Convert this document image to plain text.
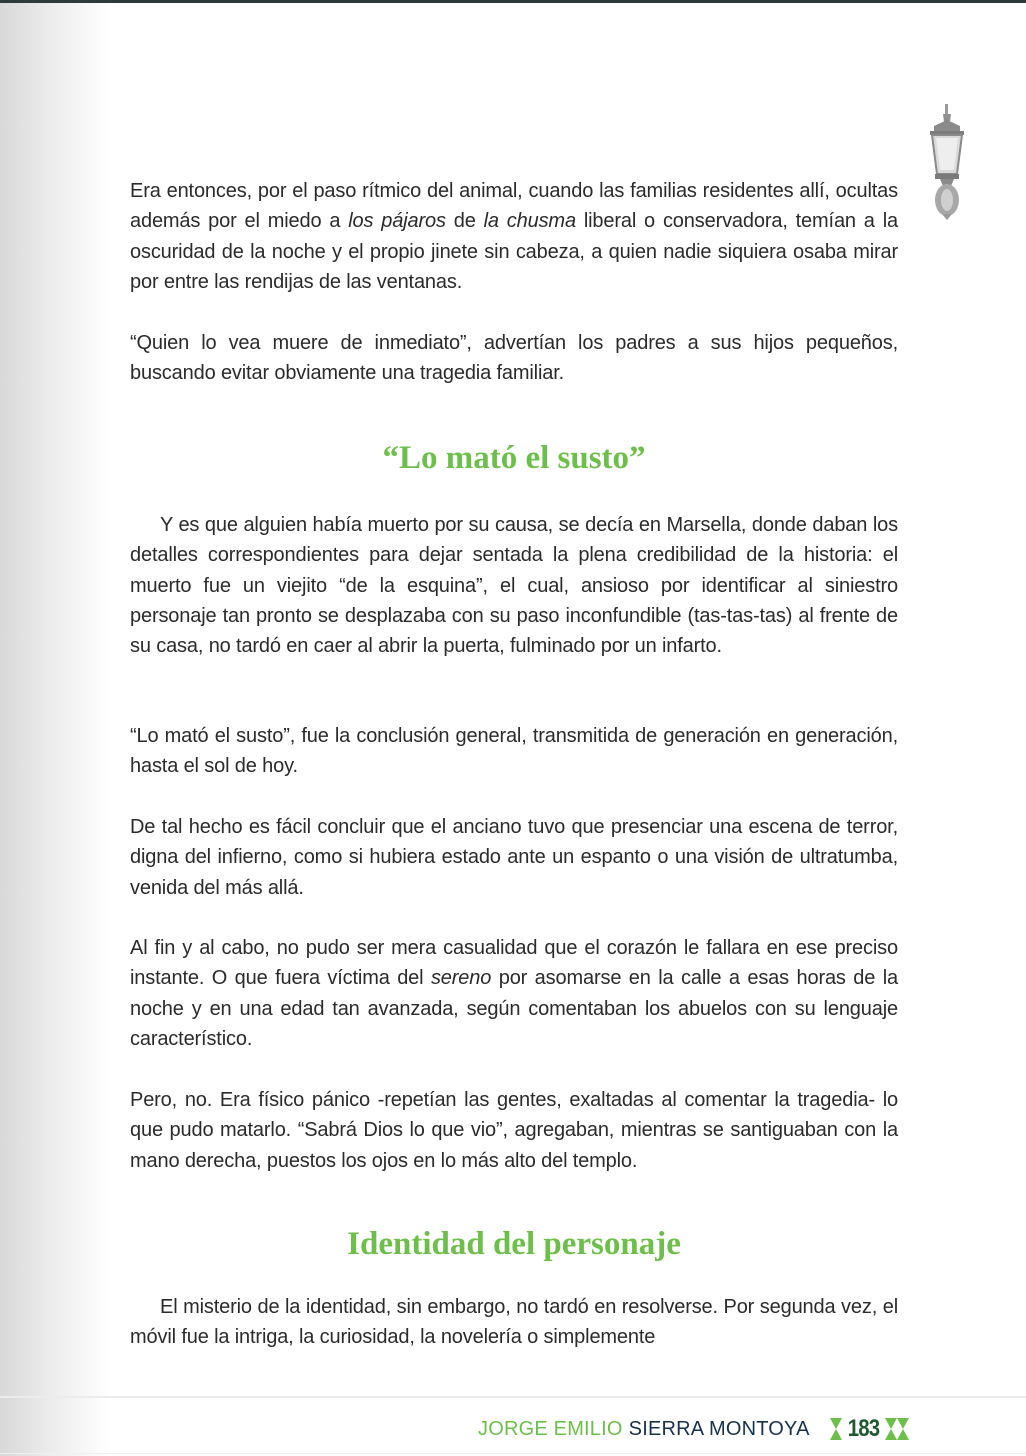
Era entonces, por el paso rítmico del animal, cuando las familias residentes allí, ocultas además por el miedo a los pájaros de la chusma liberal o conservadora, temían a la oscuridad de la noche y el propio jinete sin cabeza, a quien nadie siquiera osaba mirar por entre las rendijas de las ventanas.

“Quien lo vea muere de inmediato”, advertían los padres a sus hijos pequeños, buscando evitar obviamente una tragedia familiar.

“Lo mató el susto”

Y es que alguien había muerto por su causa, se decía en Marsella, donde daban los detalles correspondientes para dejar sentada la plena credibilidad de la historia: el muerto fue un viejito “de la esquina”, el cual, ansioso por identificar al siniestro personaje tan pronto se desplazaba con su paso inconfundible (tas-tas-tas) al frente de su casa, no tardó en caer al abrir la puerta, fulminado por un infarto.

“Lo mató el susto”, fue la conclusión general, transmitida de generación en generación, hasta el sol de hoy.

De tal hecho es fácil concluir que el anciano tuvo que presenciar una escena de terror, digna del infierno, como si hubiera estado ante un espanto o una visión de ultratumba, venida del más allá.

Al fin y al cabo, no pudo ser mera casualidad que el corazón le fallara en ese preciso instante. O que fuera víctima del sereno por asomarse en la calle a esas horas de la noche y en una edad tan avanzada, según comentaban los abuelos con su lenguaje característico.

Pero, no. Era físico pánico -repetían las gentes, exaltadas al comentar la tragedia- lo que pudo matarlo. “Sabrá Dios lo que vio”, agregaban, mientras se santiguaban con la mano derecha, puestos los ojos en lo más alto del templo.

Identidad del personaje

El misterio de la identidad, sin embargo, no tardó en resolverse. Por segunda vez, el móvil fue la intriga, la curiosidad, la novelería o simplemente

JORGE EMILIO SIERRA MONTOYA 183
